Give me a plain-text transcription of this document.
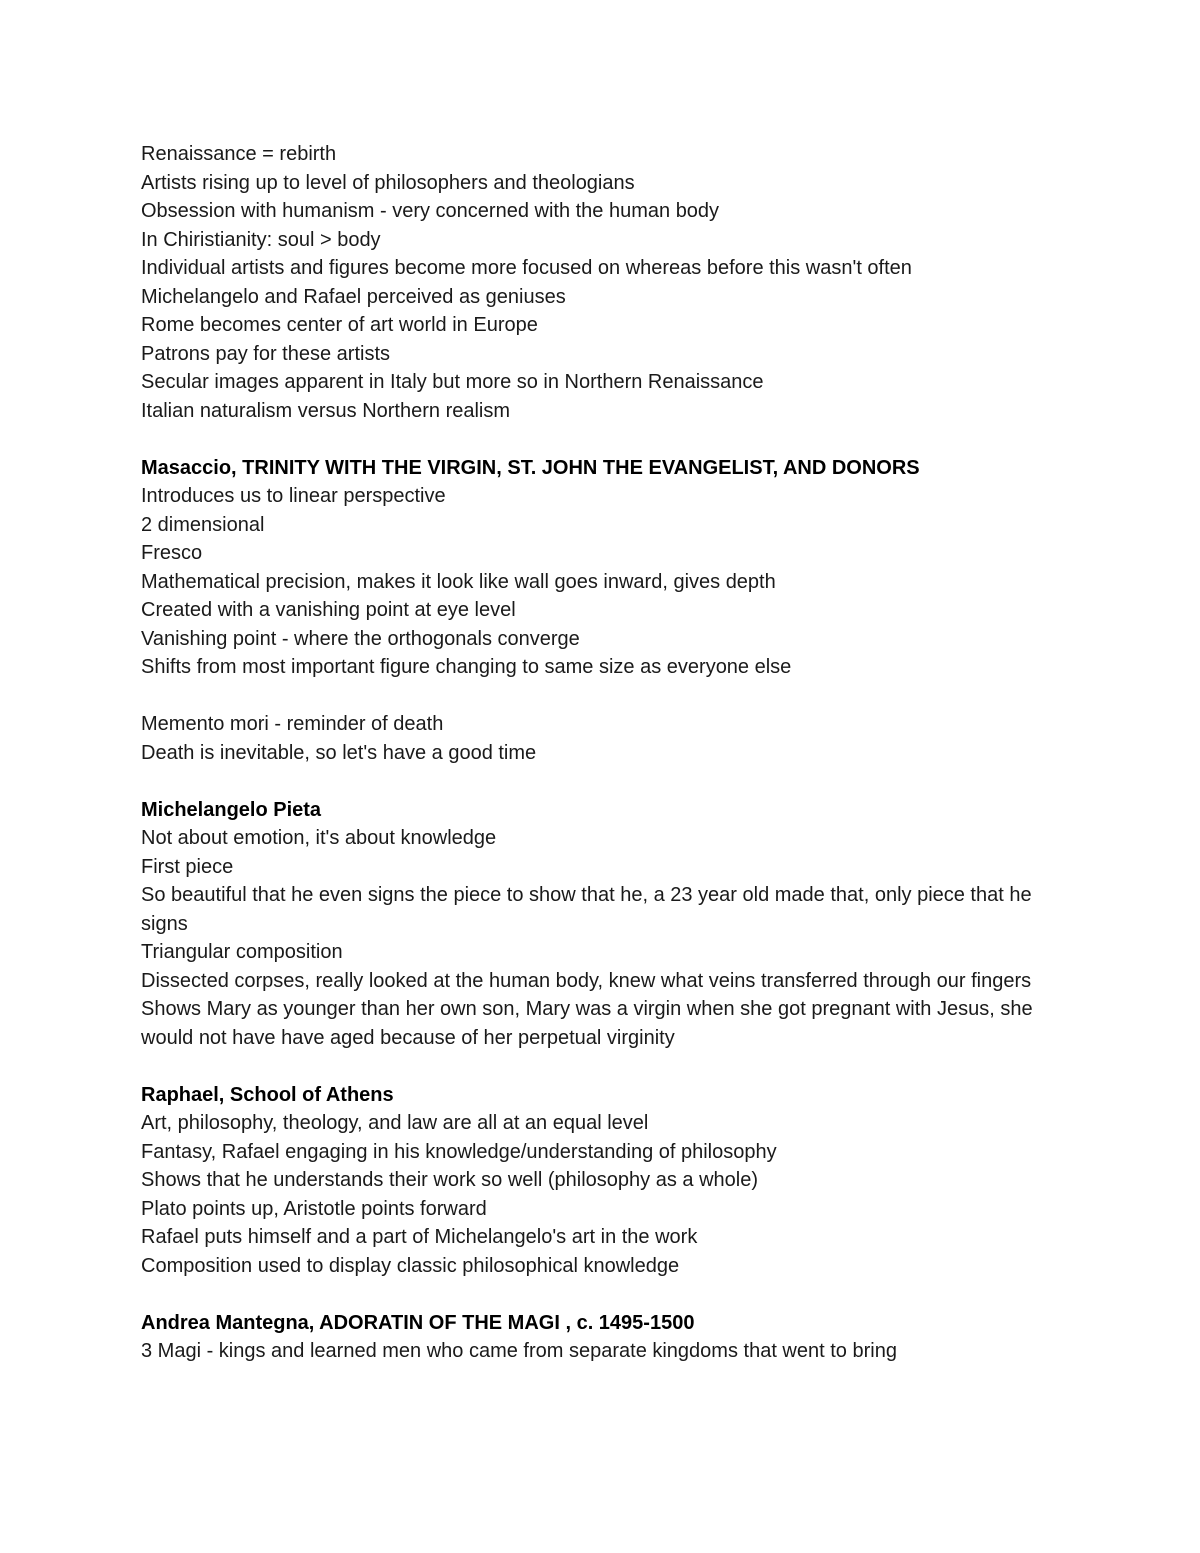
Renaissance = rebirth
Artists rising up to level of philosophers and theologians
Obsession with humanism - very concerned with the human body
In Chiristianity: soul > body
Individual artists and figures become more focused on whereas before this wasn't often
Michelangelo and Rafael perceived as geniuses
Rome becomes center of art world in Europe
Patrons pay for these artists
Secular images apparent in Italy but more so in Northern Renaissance
Italian naturalism versus Northern realism
Masaccio, TRINITY WITH THE VIRGIN, ST. JOHN THE EVANGELIST, AND DONORS
Introduces us to linear perspective
2 dimensional
Fresco
Mathematical precision, makes it look like wall goes inward, gives depth
Created with a vanishing point at eye level
Vanishing point - where the orthogonals converge
Shifts from most important figure changing to same size as everyone else
Memento mori - reminder of death
Death is inevitable, so let's have a good time
Michelangelo Pieta
Not about emotion, it's about knowledge
First piece
So beautiful that he even signs the piece to show that he, a 23 year old made that, only piece that he signs
Triangular composition
Dissected corpses, really looked at the human body, knew what veins transferred through our fingers
Shows Mary as younger than her own son, Mary was a virgin when she got pregnant with Jesus, she would not have have aged because of her perpetual virginity
Raphael, School of Athens
Art, philosophy, theology, and law are all at an equal level
Fantasy, Rafael engaging in his knowledge/understanding of philosophy
Shows that he understands their work so well (philosophy as a whole)
Plato points up, Aristotle points forward
Rafael puts himself and a part of Michelangelo's art in the work
Composition used to display classic philosophical knowledge
Andrea Mantegna, ADORATIN OF THE MAGI , c. 1495-1500
3 Magi - kings and learned men who came from separate kingdoms that went to bring
